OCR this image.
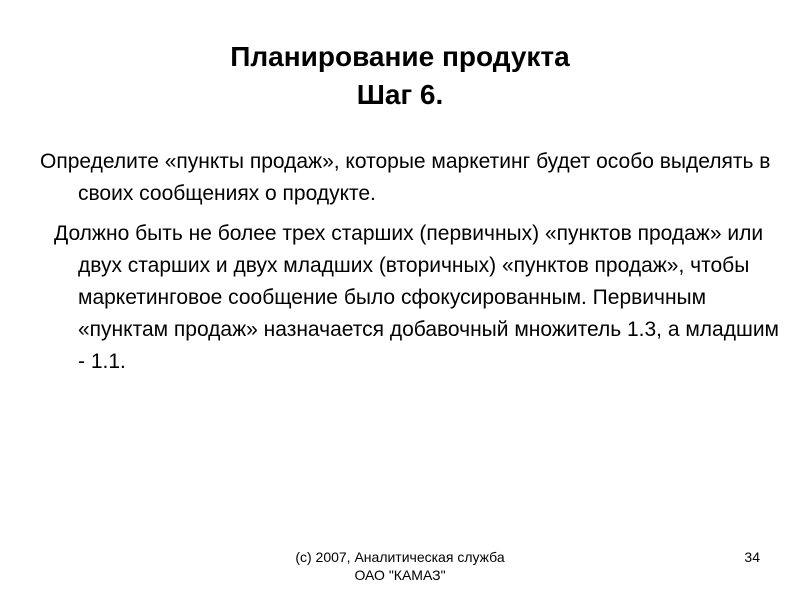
Планирование продукта
Шаг 6.

Определите «пункты продаж», которые маркетинг будет особо выделять в своих сообщениях о продукте.

Должно быть не более трех старших (первичных) «пунктов продаж» или двух старших и двух младших (вторичных) «пунктов продаж», чтобы маркетинговое сообщение было сфокусированным. Первичным «пунктам продаж» назначается добавочный множитель 1.3, а младшим - 1.1.

(c) 2007, Аналитическая служба
ОАО "КАМАЗ"
34
